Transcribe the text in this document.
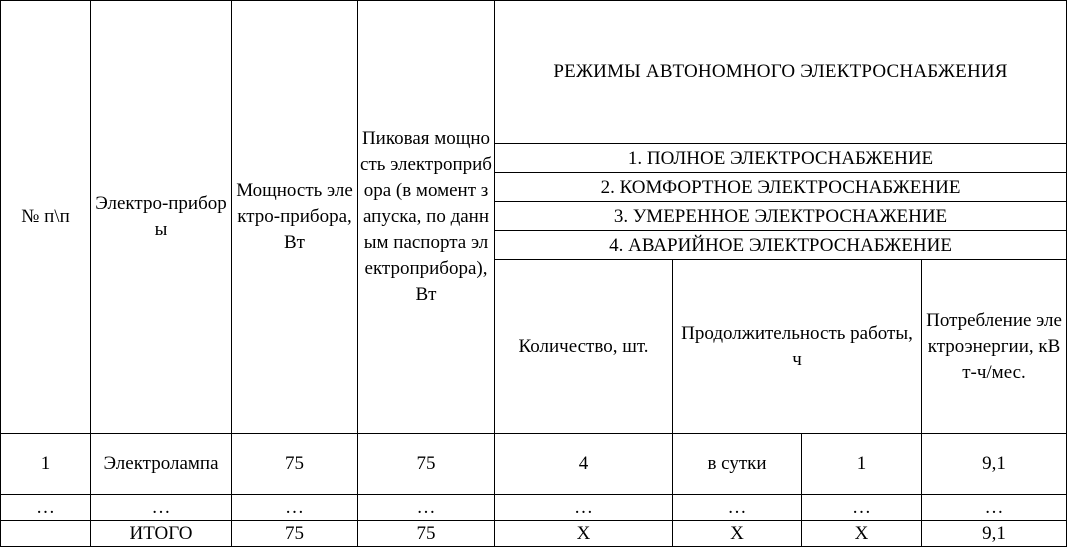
№ п\п	Электро-приборы	Мощность электро-прибора, Вт	Пиковая мощность электроприбора (в момент запуска, по данным паспорта электроприбора), Вт	РЕЖИМЫ АВТОНОМНОГО ЭЛЕКТРОСНАБЖЕНИЯ			
				1. ПОЛНОЕ ЭЛЕКТРОСНАБЖЕНИЕ			
				2. КОМФОРТНОЕ ЭЛЕКТРОСНАБЖЕНИЕ			
				3. УМЕРЕННОЕ ЭЛЕКТРОСНАЖЕНИЕ			
				4. АВАРИЙНОЕ ЭЛЕКТРОСНАБЖЕНИЕ			
				Количество, шт.	Продолжительность работы, ч		Потребление электроэнергии, кВт-ч/мес.
1	Электролампа	75	75	4	в сутки	1	9,1
…	…	…	…	…	…	…	…
	ИТОГО	75	75	Х	Х	Х	9,1
